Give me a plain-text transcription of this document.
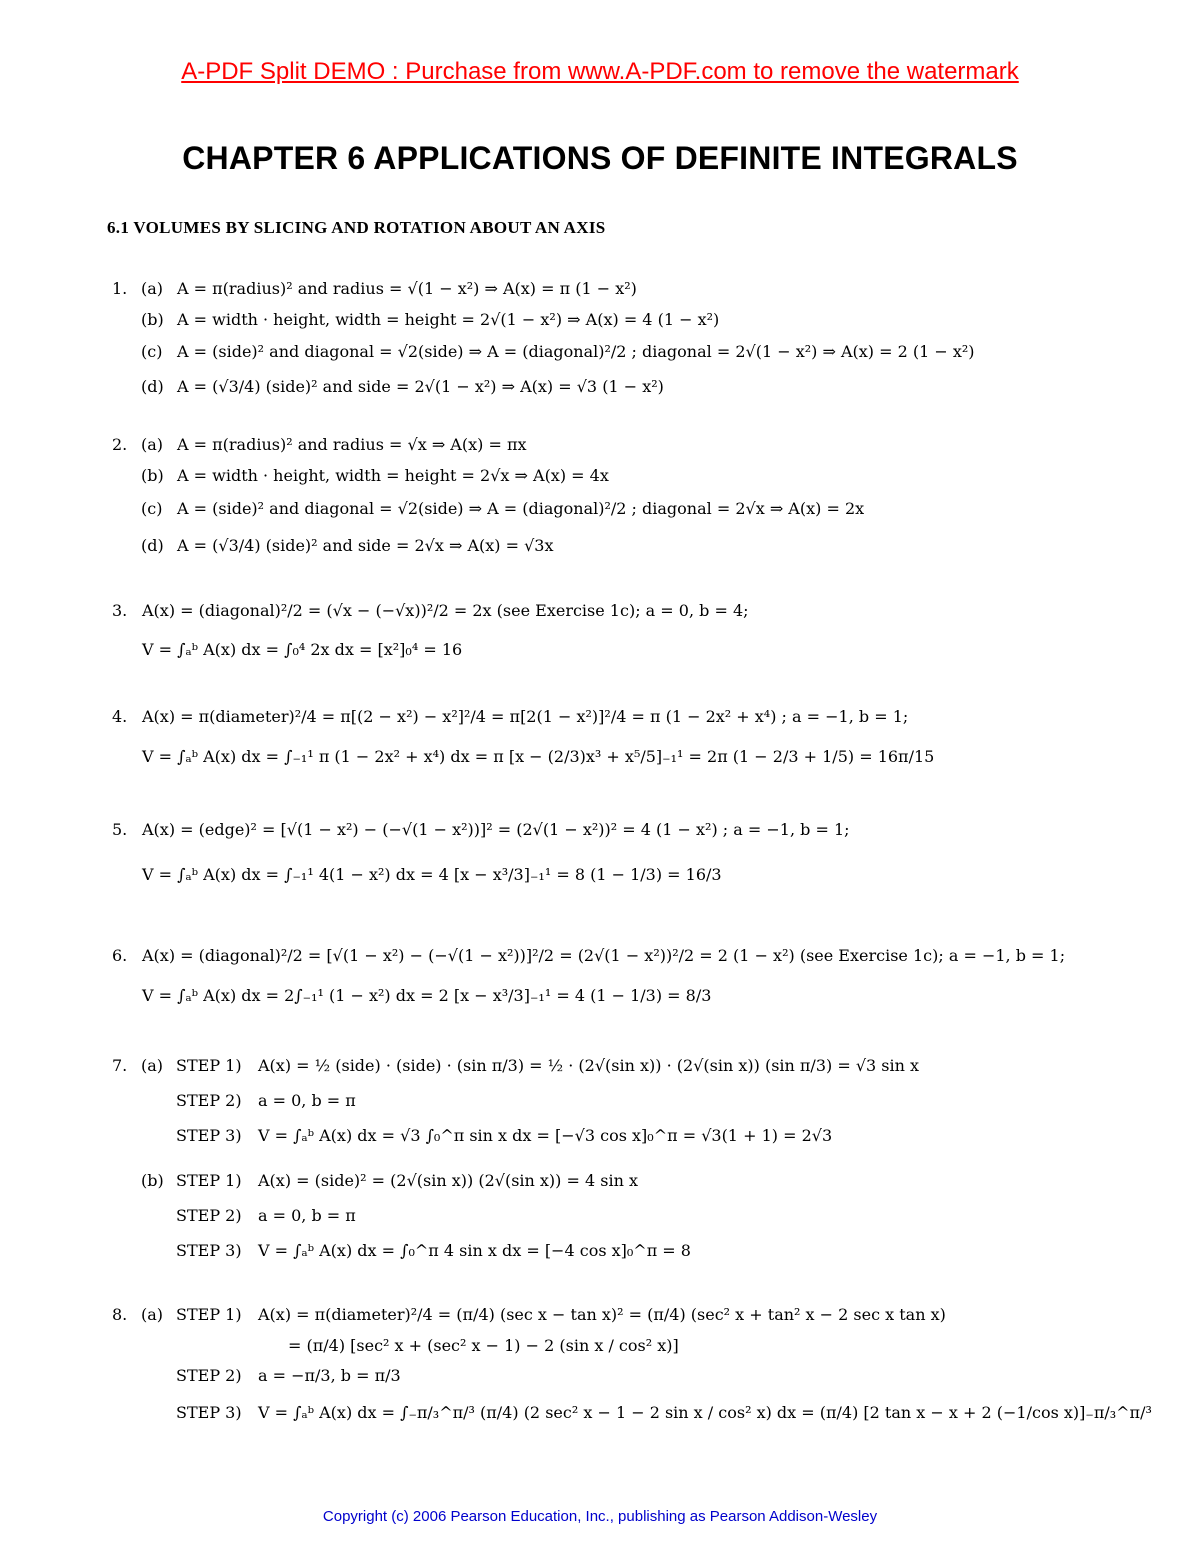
A-PDF Split DEMO : Purchase from www.A-PDF.com to remove the watermark
CHAPTER 6 APPLICATIONS OF DEFINITE INTEGRALS
6.1 VOLUMES BY SLICING AND ROTATION ABOUT AN AXIS
1. (a) A = π(radius)² and radius = √(1 − x²) ⇒ A(x) = π (1 − x²)
(b) A = width · height, width = height = 2√(1 − x²) ⇒ A(x) = 4 (1 − x²)
(c) A = (side)² and diagonal = √2(side) ⇒ A = (diagonal)²/2 ; diagonal = 2√(1 − x²) ⇒ A(x) = 2 (1 − x²)
(d) A = (√3/4) (side)² and side = 2√(1 − x²) ⇒ A(x) = √3 (1 − x²)
2. (a) A = π(radius)² and radius = √x ⇒ A(x) = πx
(b) A = width · height, width = height = 2√x ⇒ A(x) = 4x
(c) A = (side)² and diagonal = √2(side) ⇒ A = (diagonal)²/2 ; diagonal = 2√x ⇒ A(x) = 2x
(d) A = (√3/4) (side)² and side = 2√x ⇒ A(x) = √3x
3. A(x) = (diagonal)²/2 = (√x − (−√x))²/2 = 2x (see Exercise 1c); a = 0, b = 4;
V = ∫ₐᵇ A(x) dx = ∫₀⁴ 2x dx = [x²]₀⁴ = 16
4. A(x) = π(diameter)²/4 = π[(2 − x²) − x²]²/4 = π[2(1 − x²)]²/4 = π (1 − 2x² + x⁴) ; a = −1, b = 1;
V = ∫ₐᵇ A(x) dx = ∫₋₁¹ π (1 − 2x² + x⁴) dx = π [x − (2/3)x³ + x⁵/5]₋₁¹ = 2π (1 − 2/3 + 1/5) = 16π/15
5. A(x) = (edge)² = [√(1 − x²) − (−√(1 − x²))]² = (2√(1 − x²))² = 4 (1 − x²) ; a = −1, b = 1;
V = ∫ₐᵇ A(x) dx = ∫₋₁¹ 4(1 − x²) dx = 4 [x − x³/3]₋₁¹ = 8 (1 − 1/3) = 16/3
6. A(x) = (diagonal)²/2 = [√(1 − x²) − (−√(1 − x²))]²/2 = (2√(1 − x²))²/2 = 2 (1 − x²) (see Exercise 1c); a = −1, b = 1;
V = ∫ₐᵇ A(x) dx = 2∫₋₁¹ (1 − x²) dx = 2 [x − x³/3]₋₁¹ = 4 (1 − 1/3) = 8/3
7. (a) STEP 1) A(x) = ½ (side) · (side) · (sin π/3) = ½ · (2√(sin x)) · (2√(sin x)) (sin π/3) = √3 sin x
STEP 2) a = 0, b = π
STEP 3) V = ∫ₐᵇ A(x) dx = √3 ∫₀^π sin x dx = [−√3 cos x]₀^π = √3(1 + 1) = 2√3
(b) STEP 1) A(x) = (side)² = (2√(sin x)) (2√(sin x)) = 4 sin x
STEP 2) a = 0, b = π
STEP 3) V = ∫ₐᵇ A(x) dx = ∫₀^π 4 sin x dx = [−4 cos x]₀^π = 8
8. (a) STEP 1) A(x) = π(diameter)²/4 = (π/4) (sec x − tan x)² = (π/4) (sec² x + tan² x − 2 sec x tan x)
= (π/4) [sec² x + (sec² x − 1) − 2 (sin x / cos² x)]
STEP 2) a = −π/3, b = π/3
STEP 3) V = ∫ₐᵇ A(x) dx = ∫₋π/₃^π/³ (π/4) (2 sec² x − 1 − 2 sin x / cos² x) dx = (π/4) [2 tan x − x + 2 (−1/cos x)]₋π/₃^π/³
Copyright (c) 2006 Pearson Education, Inc., publishing as Pearson Addison-Wesley
